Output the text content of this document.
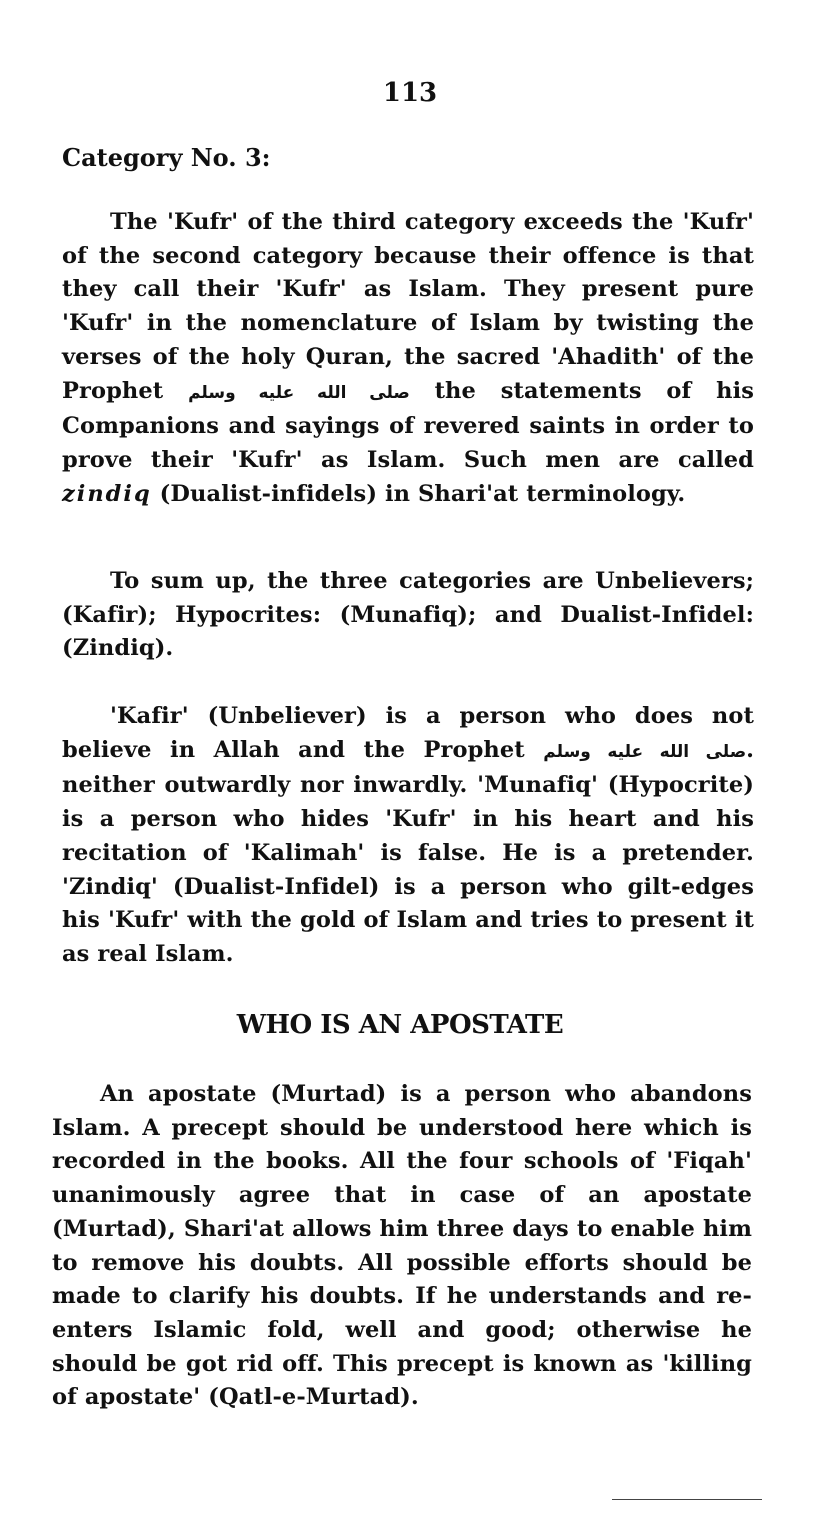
113
Category No. 3:

The 'Kufr' of the third category exceeds the 'Kufr' of the second category because their offence is that they call their 'Kufr' as Islam. They present pure 'Kufr' in the nomenclature of Islam by twisting the verses of the holy Quran, the sacred 'Ahadith' of the Prophet صلى الله عليه وسلم the statements of his Companions and sayings of revered saints in order to prove their 'Kufr' as Islam. Such men are called zindiq (Dualist-infidels) in Shari'at terminology.

To sum up, the three categories are Unbelievers; (Kafir); Hypocrites: (Munafiq); and Dualist-Infidel: (Zindiq).

'Kafir' (Unbeliever) is a person who does not believe in Allah and the Prophet صلى الله عليه وسلم. neither outwardly nor inwardly. 'Munafiq' (Hypocrite) is a person who hides 'Kufr' in his heart and his recitation of 'Kalimah' is false. He is a pretender. 'Zindiq' (Dualist-Infidel) is a person who gilt-edges his 'Kufr' with the gold of Islam and tries to present it as real Islam.

WHO IS AN APOSTATE

An apostate (Murtad) is a person who abandons Islam. A precept should be understood here which is recorded in the books. All the four schools of 'Fiqah' unanimously agree that in case of an apostate (Murtad), Shari'at allows him three days to enable him to remove his doubts. All possible efforts should be made to clarify his doubts. If he understands and re-enters Islamic fold, well and good; otherwise he should be got rid off. This precept is known as 'killing of apostate' (Qatl-e-Murtad).
